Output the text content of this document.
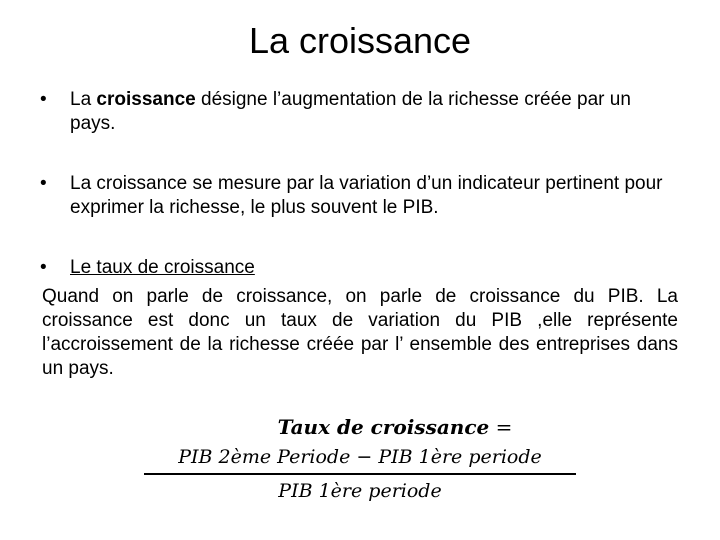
La croissance
•	La croissance désigne l’augmentation de la richesse créée par un pays.
•	La croissance se mesure par la variation d’un indicateur pertinent pour exprimer la richesse, le plus souvent le PIB.
•	Le taux de croissance
Quand on parle de croissance, on parle de croissance du PIB. La croissance est donc un taux de variation du PIB ,elle représente l’accroissement de la richesse créée par l’ ensemble des entreprises dans un pays.
Taux de croissance =
PIB 2ème Periode − PIB 1ère periode
PIB 1ère periode
